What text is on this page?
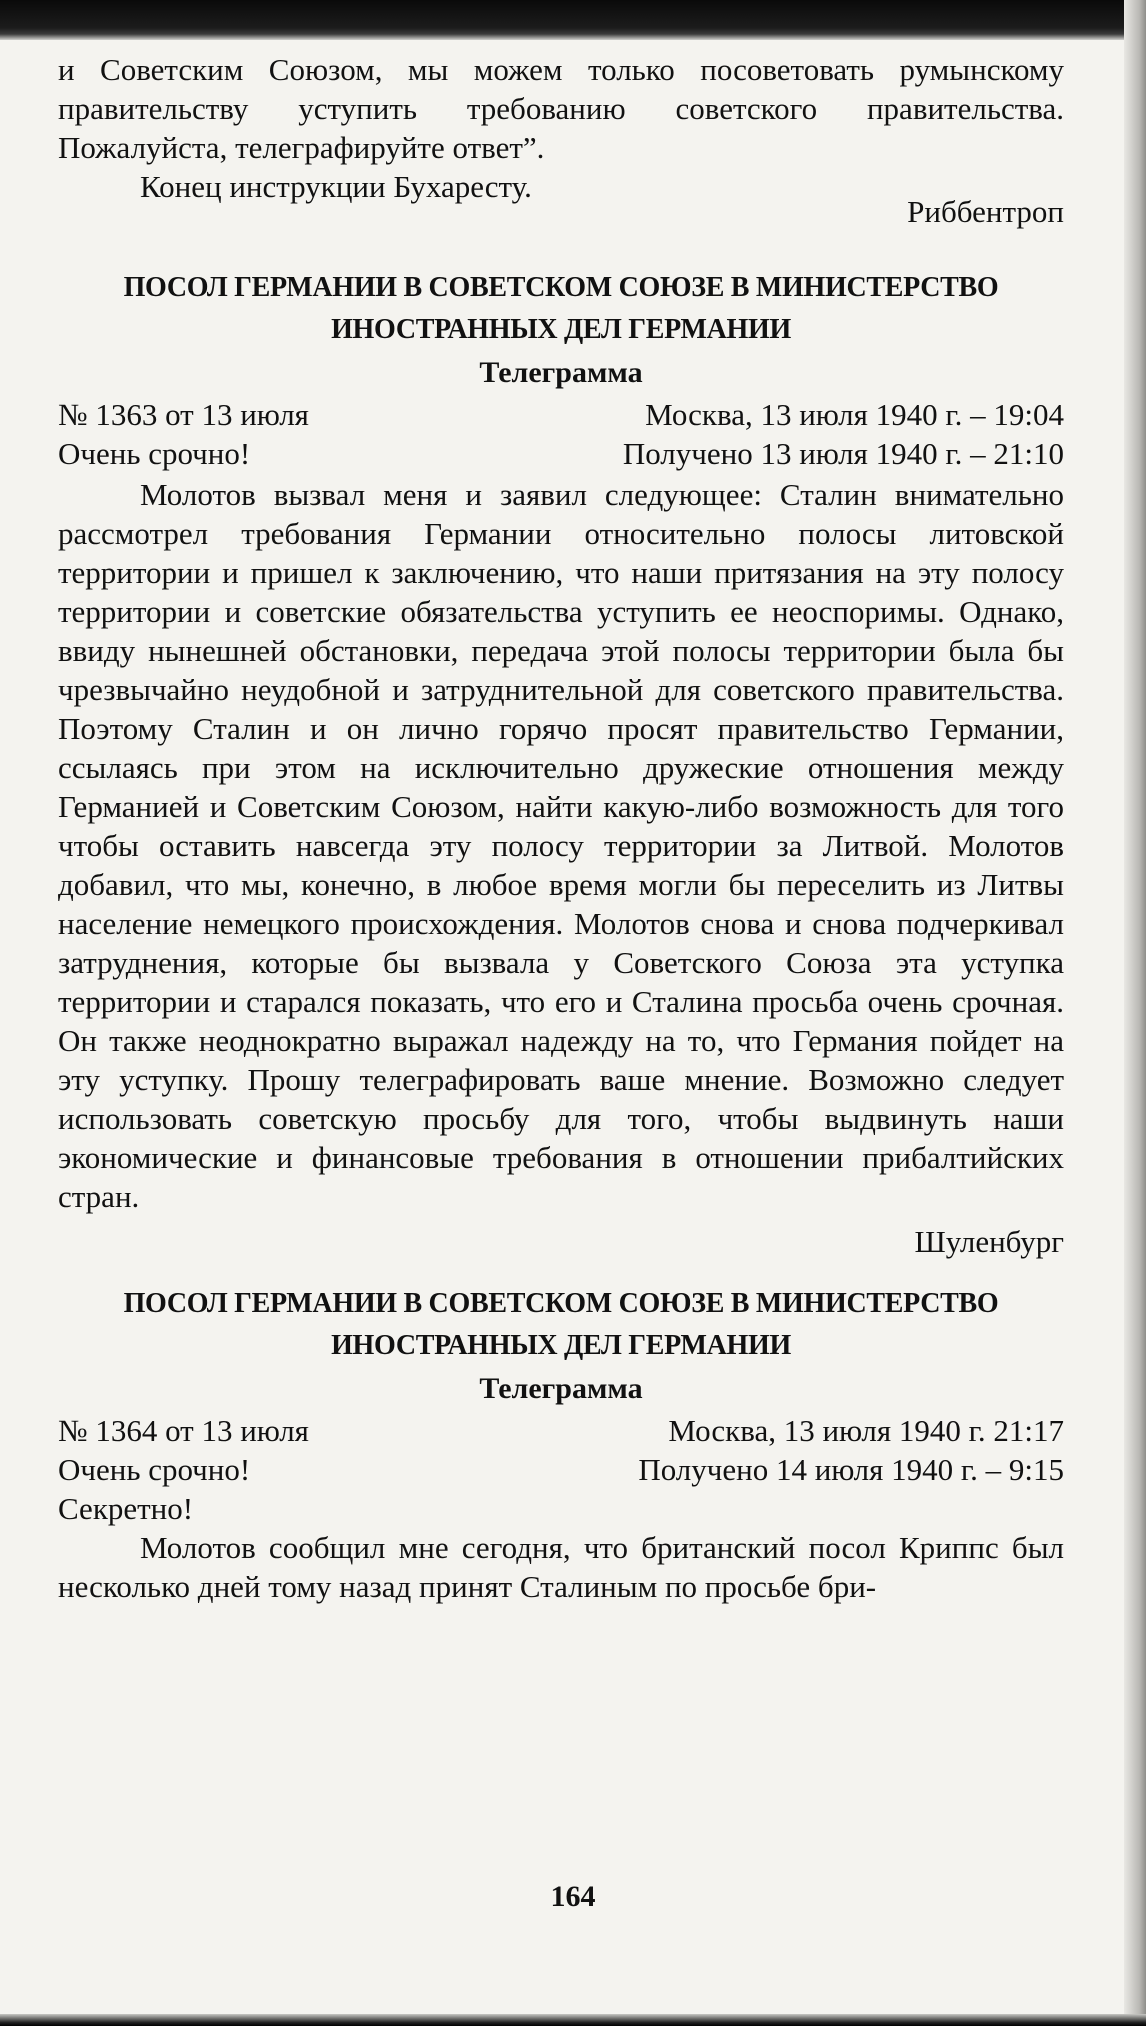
и Советским Союзом, мы можем только посоветовать румынскому правительству уступить требованию советского правительства. Пожалуйста, телеграфируйте ответ”.

Конец инструкции Бухаресту.

Риббентроп

ПОСОЛ ГЕРМАНИИ В СОВЕТСКОМ СОЮЗЕ В МИНИСТЕРСТВО

ИНОСТРАННЫХ ДЕЛ ГЕРМАНИИ

Телеграмма

№ 1363 от 13 июля	Москва, 13 июля 1940 г. – 19:04
Очень срочно!	Получено 13 июля 1940 г. – 21:10

Молотов вызвал меня и заявил следующее: Сталин внимательно рассмотрел требования Германии относительно полосы литовской территории и пришел к заключению, что наши притязания на эту полосу территории и советские обязательства уступить ее неоспоримы. Однако, ввиду нынешней обстановки, передача этой полосы территории была бы чрезвычайно неудобной и затруднительной для советского правительства. Поэтому Сталин и он лично горячо просят правительство Германии, ссылаясь при этом на исключительно дружеские отношения между Германией и Советским Союзом, найти какую-либо возможность для того чтобы оставить навсегда эту полосу территории за Литвой. Молотов добавил, что мы, конечно, в любое время могли бы переселить из Литвы население немецкого происхождения. Молотов снова и снова подчеркивал затруднения, которые бы вызвала у Советского Союза эта уступка территории и старался показать, что его и Сталина просьба очень срочная. Он также неоднократно выражал надежду на то, что Германия пойдет на эту уступку. Прошу телеграфировать ваше мнение. Возможно следует использовать советскую просьбу для того, чтобы выдвинуть наши экономические и финансовые требования в отношении прибалтийских стран.

Шуленбург

ПОСОЛ ГЕРМАНИИ В СОВЕТСКОМ СОЮЗЕ В МИНИСТЕРСТВО

ИНОСТРАННЫХ ДЕЛ ГЕРМАНИИ

Телеграмма

№ 1364 от 13 июля	Москва, 13 июля 1940 г. 21:17
Очень срочно!	Получено 14 июля 1940 г. – 9:15

Секретно!

Молотов сообщил мне сегодня, что британский посол Криппс был несколько дней тому назад принят Сталиным по просьбе бри-

164
